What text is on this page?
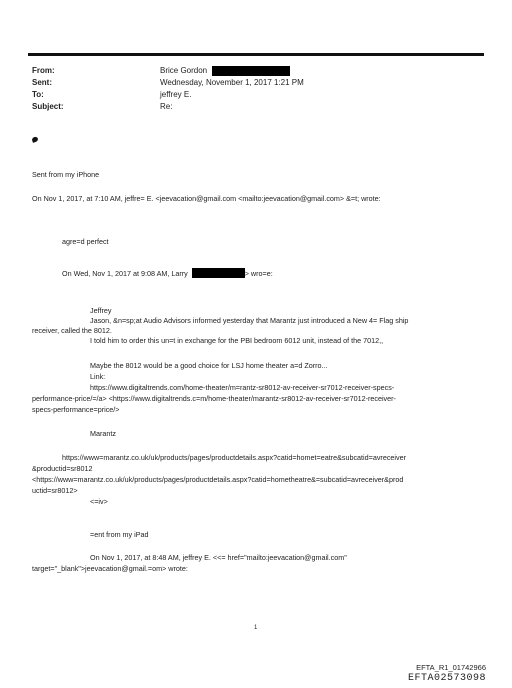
From:	Brice Gordon
Sent:	Wednesday, November 1, 2017 1:21 PM
To:	jeffrey E.
Subject:	Re:
Sent from my iPhone
On Nov 1, 2017, at 7:10 AM, jeffre= E. <jeevacation@gmail.com <mailto:jeevacation@gmail.com> &=t; wrote:
agre=d perfect
On Wed, Nov 1, 2017 at 9:08 AM, Larry	> wro=e:
Jeffrey
Jason, &n=sp;at Audio Advisors informed yesterday that Marantz just introduced a New 4= Flag ship
receiver, called the 8012.
I told him to order this un=t in exchange for the PBI bedroom 6012 unit, instead of the 7012,,
Maybe the 8012 would be a good choice for LSJ home theater a=d Zorro...
Link:
https://www.digitaltrends.com/home-theater/m=rantz-sr8012-av-receiver-sr7012-receiver-specs-
performance-price/=/a> <https://www.digitaltrends.c=m/home-theater/marantz-sr8012-av-receiver-sr7012-receiver-
specs-performance=price/>
Marantz
https://www=marantz.co.uk/uk/products/pages/productdetails.aspx?catid=homet=eatre&subcatid=avreceiver
&productid=sr8012
<https://www=marantz.co.uk/uk/products/pages/productdetails.aspx?catid=hometheatre&=subcatid=avreceiver&prod
uctid=sr8012>
<=iv>
=ent from my iPad
On Nov 1, 2017, at 8:48 AM, jeffrey E. <<= href="mailto:jeevacation@gmail.com"
target="_blank">jeevacation@gmail.=om> wrote:
1
EFTA_R1_01742966
EFTA02573098
